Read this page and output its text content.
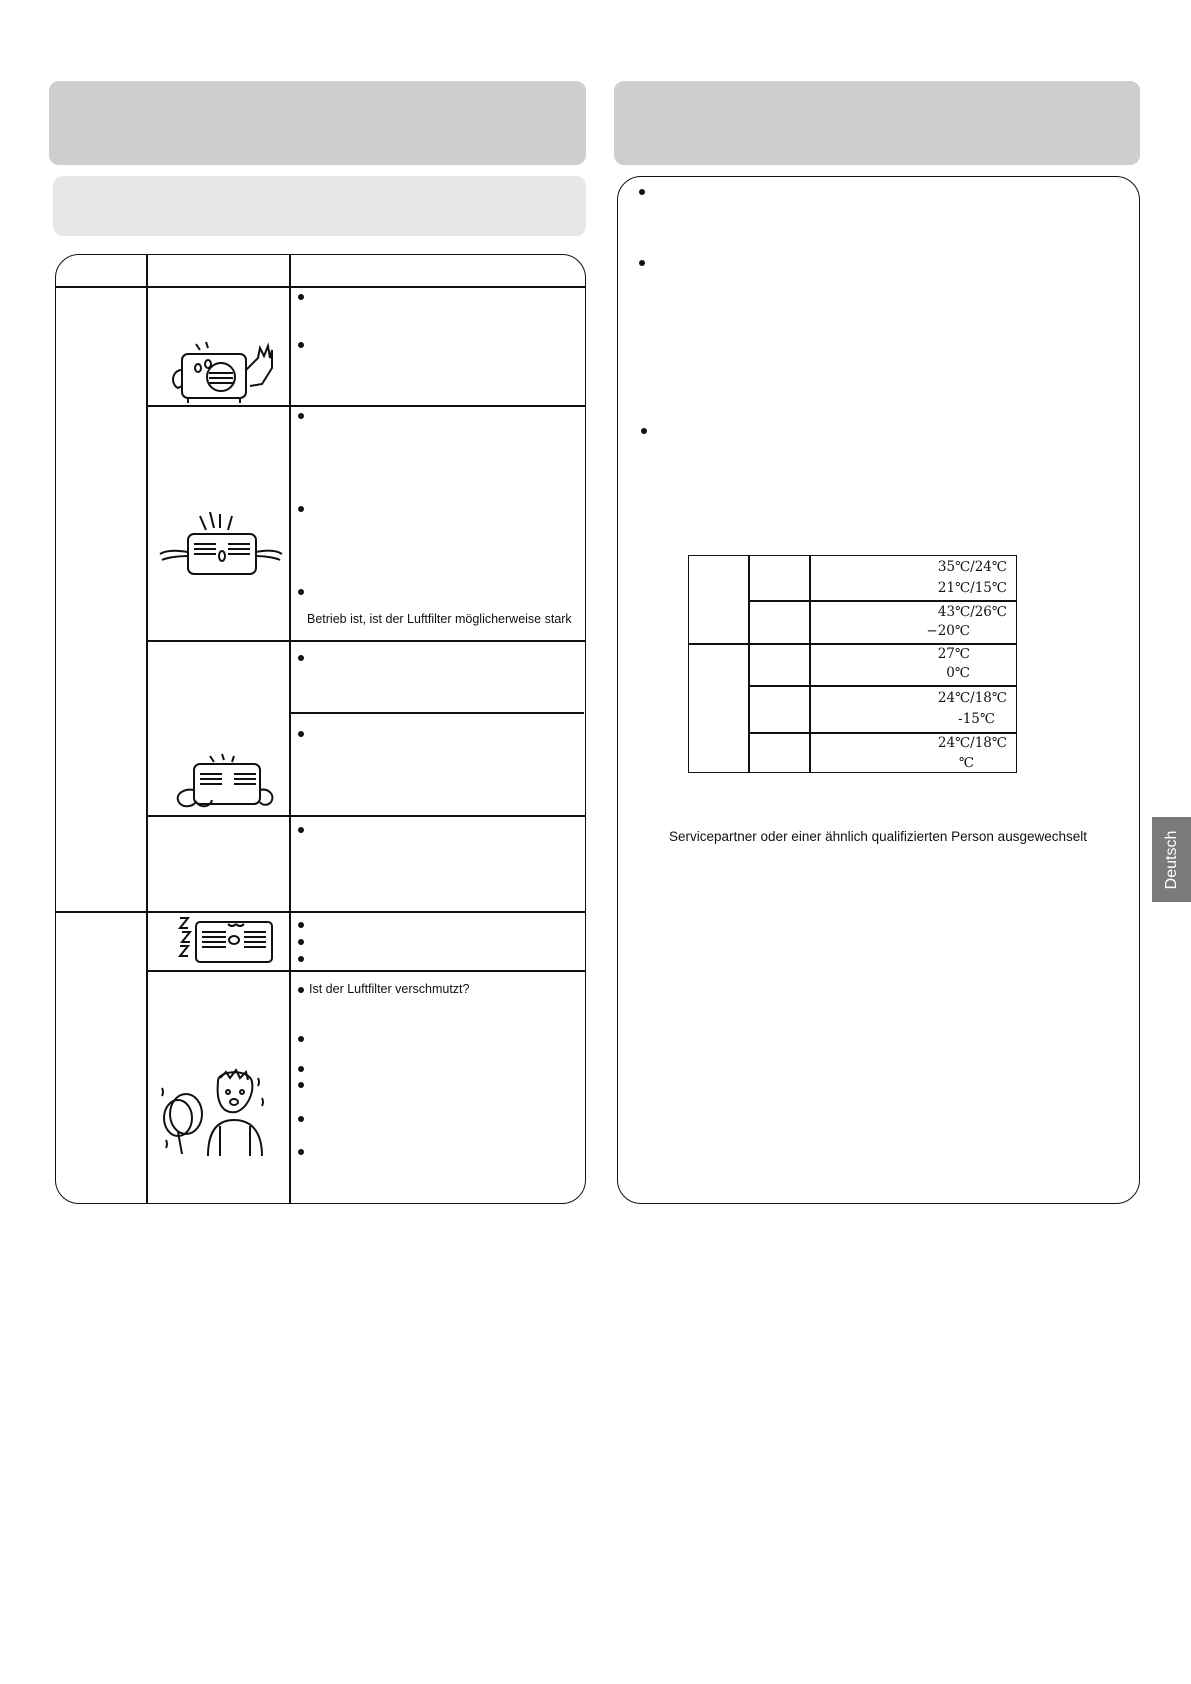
Betrieb ist, ist der Luftfilter möglicherweise stark
Ist der Luftfilter verschmutzt?
35℃/24℃
21℃/15℃
43℃/26℃
−20℃
27℃
0℃
24℃/18℃
-15℃
24℃/18℃
℃
Servicepartner oder einer ähnlich qualifizierten Person ausgewechselt	Deutsch
